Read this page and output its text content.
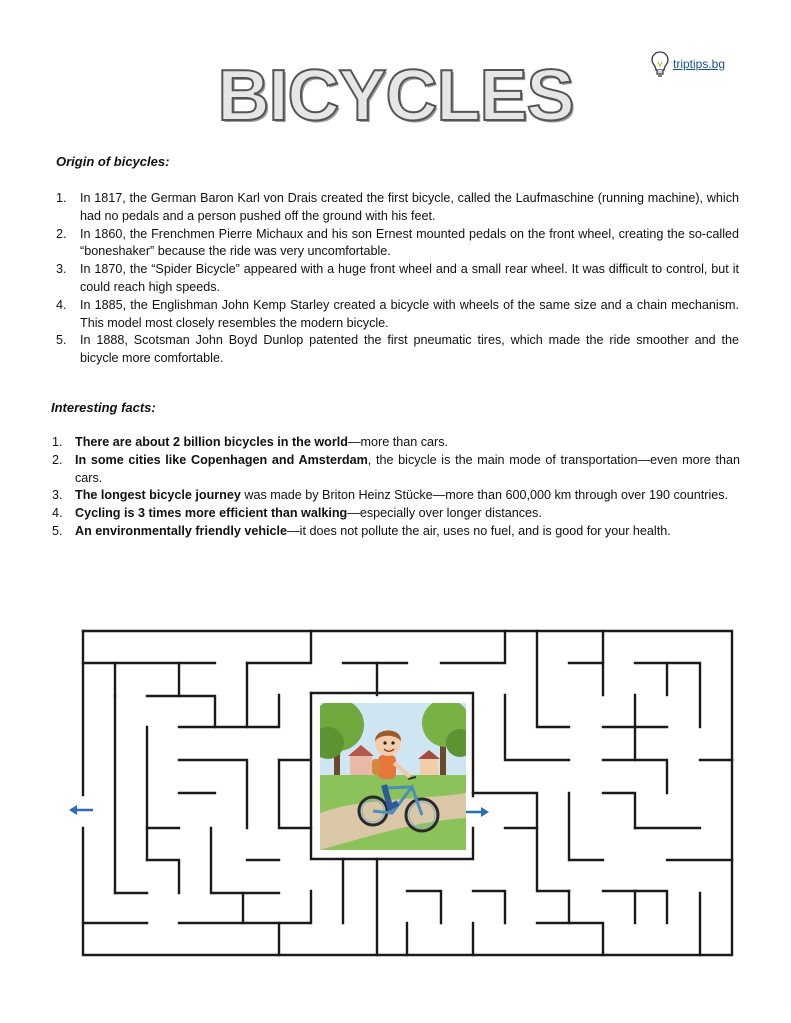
BICYCLES	triptips.bg
Origin of bicycles:
1. In 1817, the German Baron Karl von Drais created the first bicycle, called the Laufmaschine (running machine), which had no pedals and a person pushed off the ground with his feet.
2. In 1860, the Frenchmen Pierre Michaux and his son Ernest mounted pedals on the front wheel, creating the so-called “boneshaker” because the ride was very uncomfortable.
3. In 1870, the “Spider Bicycle” appeared with a huge front wheel and a small rear wheel. It was difficult to control, but it could reach high speeds.
4. In 1885, the Englishman John Kemp Starley created a bicycle with wheels of the same size and a chain mechanism. This model most closely resembles the modern bicycle.
5. In 1888, Scotsman John Boyd Dunlop patented the first pneumatic tires, which made the ride smoother and the bicycle more comfortable.
Interesting facts:
1. There are about 2 billion bicycles in the world—more than cars.
2. In some cities like Copenhagen and Amsterdam, the bicycle is the main mode of transportation—even more than cars.
3. The longest bicycle journey was made by Briton Heinz Stücke—more than 600,000 km through over 190 countries.
4. Cycling is 3 times more efficient than walking—especially over longer distances.
5. An environmentally friendly vehicle—it does not pollute the air, uses no fuel, and is good for your health.
